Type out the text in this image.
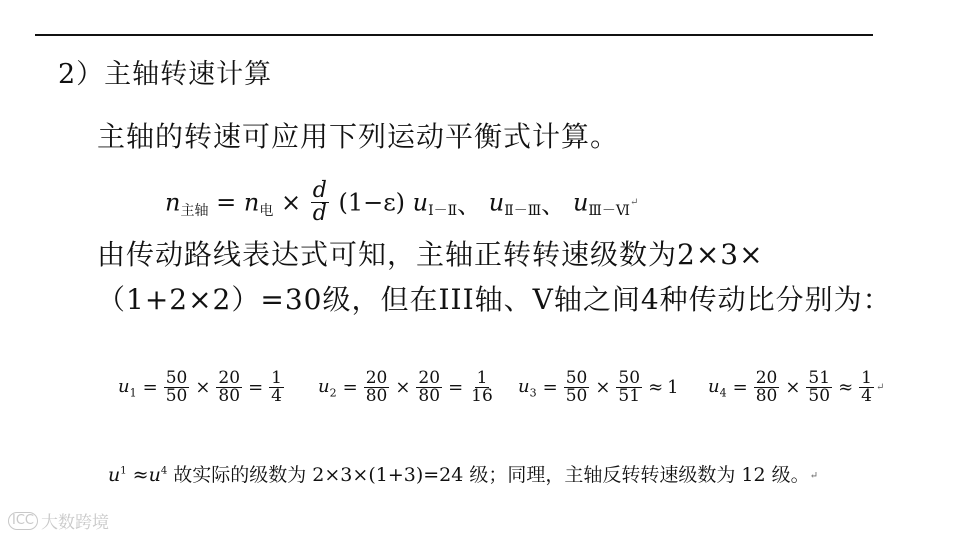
2）主轴转速计算
主轴的转速可应用下列运动平衡式计算。
$n_{主轴} = n_电 \times \frac{d}{d} (1-\varepsilon)$ $u_{Ⅰ-Ⅱ}$、 $u_{Ⅱ-Ⅲ}$、 $u_{Ⅲ-Ⅵ}↵$
由传动路线表达式可知，主轴正转转速级数为2×3×
（1+2×2）=30级，但在III轴、V轴之间4种传动比分别为：
$u_1 = \frac{50}{50} \times \frac{20}{80} = \frac{1}{4} u_2 = \frac{20}{80} \times \frac{20}{80} = \frac{1}{16} u_3 = \frac{50}{50} \times \frac{50}{51} \approx 1$ $u_4 = \frac{20}{80} \times \frac{51}{50} \approx \frac{1}{4}$ ↵
$u^1 \approx u^4$ 故实际的级数为 2×3×(1+3)=24 级；同理，主轴反转转速级数为 12 级。↵
ICC 大数跨境
